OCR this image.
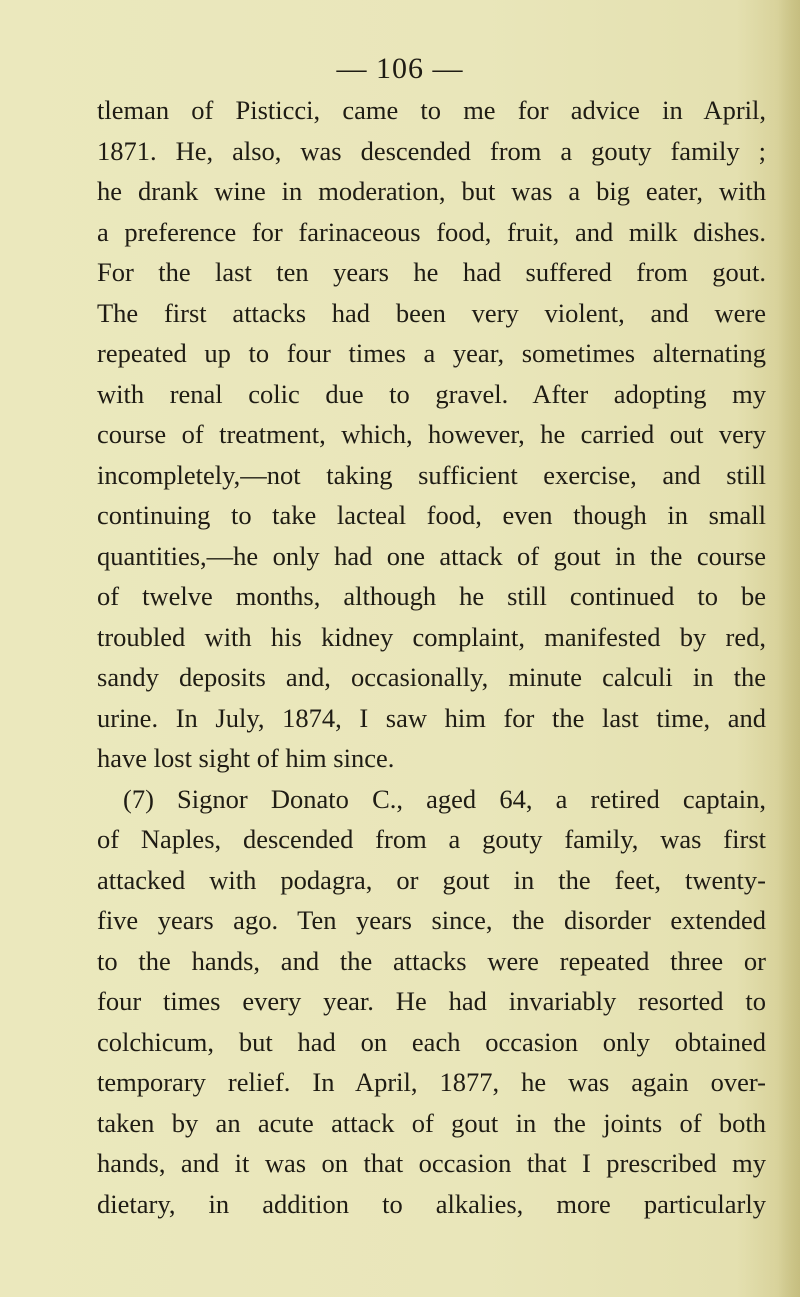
— 106 —
tleman of Pisticci, came to me for advice in April,
1871. He, also, was descended from a gouty family ;
he drank wine in moderation, but was a big eater, with
a preference for farinaceous food, fruit, and milk dishes.
For the last ten years he had suffered from gout.
The first attacks had been very violent, and were
repeated up to four times a year, sometimes alternating
with renal colic due to gravel. After adopting my
course of treatment, which, however, he carried out very
incompletely,—not taking sufficient exercise, and still
continuing to take lacteal food, even though in small
quantities,—he only had one attack of gout in the course
of twelve months, although he still continued to be
troubled with his kidney complaint, manifested by red,
sandy deposits and, occasionally, minute calculi in the
urine. In July, 1874, I saw him for the last time, and
have lost sight of him since.
(7) Signor Donato C., aged 64, a retired captain,
of Naples, descended from a gouty family, was first
attacked with podagra, or gout in the feet, twenty-
five years ago. Ten years since, the disorder extended
to the hands, and the attacks were repeated three or
four times every year. He had invariably resorted to
colchicum, but had on each occasion only obtained
temporary relief. In April, 1877, he was again over-
taken by an acute attack of gout in the joints of both
hands, and it was on that occasion that I prescribed my
dietary, in addition to alkalies, more particularly
